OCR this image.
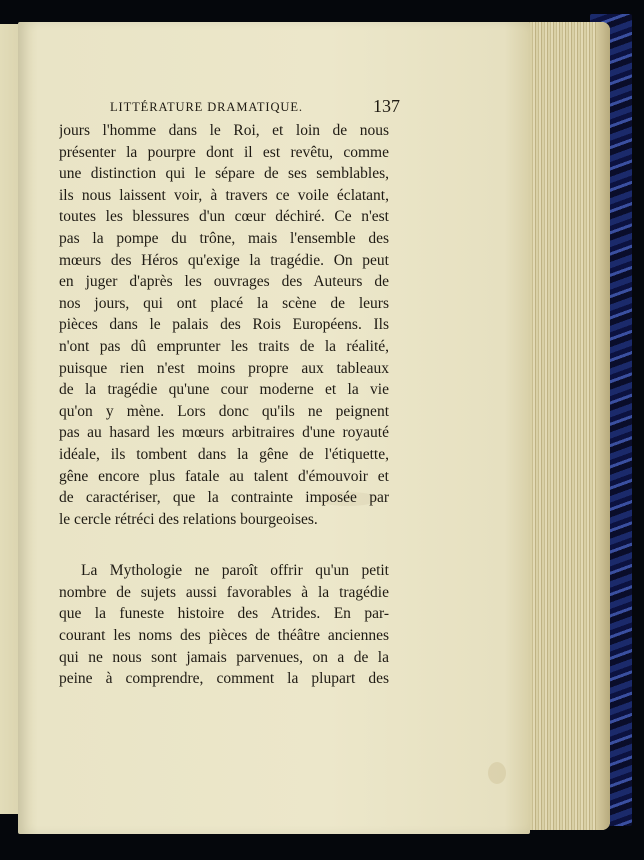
LITTÉRATURE DRAMATIQUE.	137
jours l'homme dans le Roi, et loin de nous
présenter la pourpre dont il est revêtu, comme
une distinction qui le sépare de ses semblables,
ils nous laissent voir, à travers ce voile éclatant,
toutes les blessures d'un cœur déchiré. Ce n'est
pas la pompe du trône, mais l'ensemble des
mœurs des Héros qu'exige la tragédie. On peut
en juger d'après les ouvrages des Auteurs de
nos jours, qui ont placé la scène de leurs
pièces dans le palais des Rois Européens. Ils
n'ont pas dû emprunter les traits de la réalité,
puisque rien n'est moins propre aux tableaux
de la tragédie qu'une cour moderne et la vie
qu'on y mène. Lors donc qu'ils ne peignent
pas au hasard les mœurs arbitraires d'une royauté
idéale, ils tombent dans la gêne de l'étiquette,
gêne encore plus fatale au talent d'émouvoir et
de caractériser, que la contrainte imposée par
le cercle rétréci des relations bourgeoises.
La Mythologie ne paroît offrir qu'un petit
nombre de sujets aussi favorables à la tragédie
que la funeste histoire des Atrides. En par-
courant les noms des pièces de théâtre anciennes
qui ne nous sont jamais parvenues, on a de la
peine à comprendre, comment la plupart des
